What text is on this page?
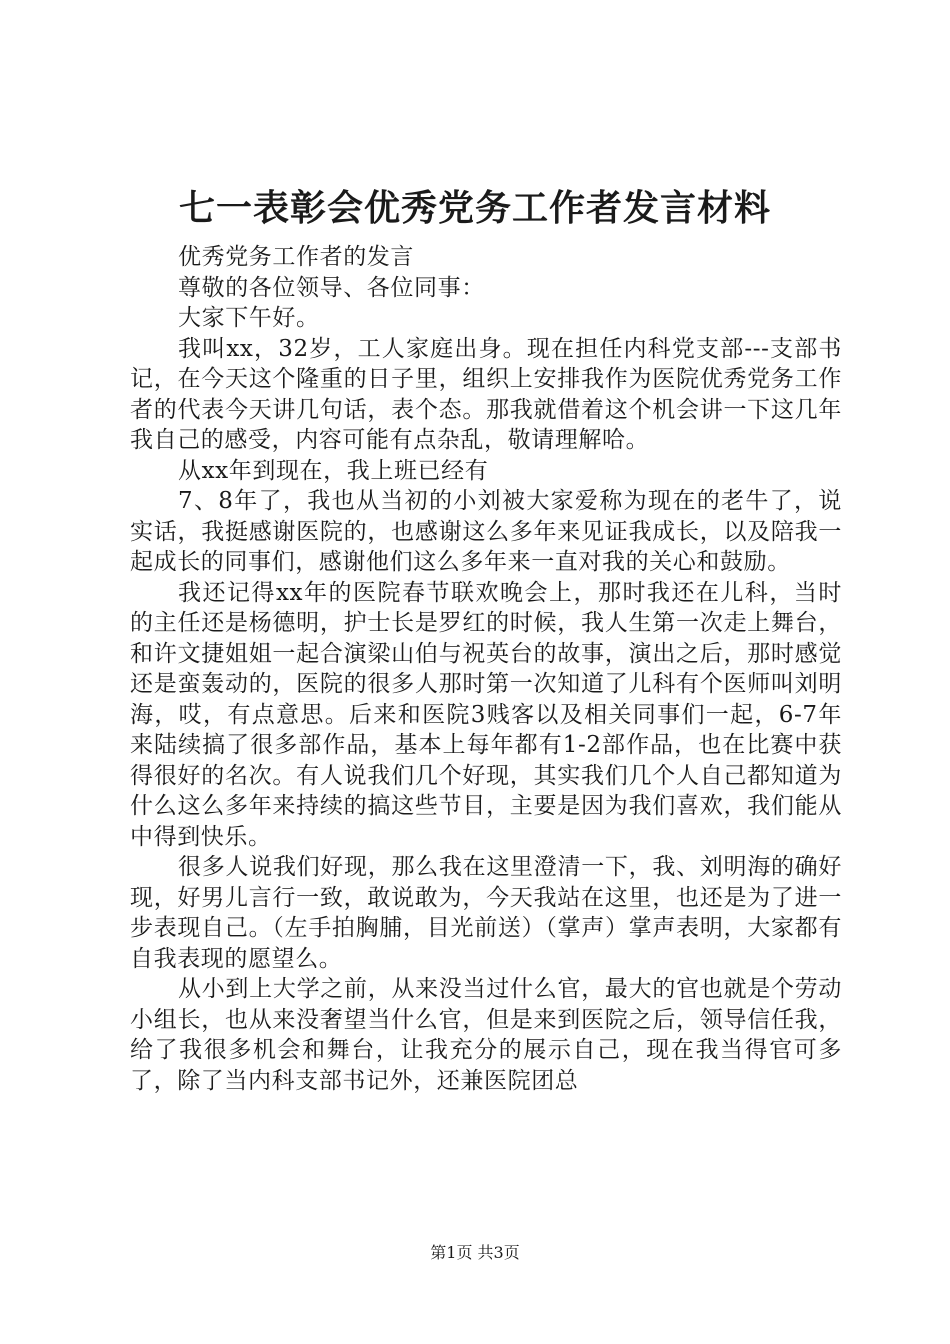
七一表彰会优秀党务工作者发言材料

优秀党务工作者的发言

尊敬的各位领导、各位同事：

大家下午好。

我叫xx，32岁，工人家庭出身。现在担任内科党支部---支部书记，在今天这个隆重的日子里，组织上安排我作为医院优秀党务工作者的代表今天讲几句话，表个态。那我就借着这个机会讲一下这几年我自己的感受，内容可能有点杂乱，敬请理解哈。

从xx年到现在，我上班已经有

7、8年了，我也从当初的小刘被大家爱称为现在的老牛了，说实话，我挺感谢医院的，也感谢这么多年来见证我成长，以及陪我一起成长的同事们，感谢他们这么多年来一直对我的关心和鼓励。

我还记得xx年的医院春节联欢晚会上，那时我还在儿科，当时的主任还是杨德明，护士长是罗红的时候，我人生第一次走上舞台，和许文捷姐姐一起合演梁山伯与祝英台的故事，演出之后，那时感觉还是蛮轰动的，医院的很多人那时第一次知道了儿科有个医师叫刘明海，哎，有点意思。后来和医院3贱客以及相关同事们一起，6-7年来陆续搞了很多部作品，基本上每年都有1-2部作品，也在比赛中获得很好的名次。有人说我们几个好现，其实我们几个人自己都知道为什么这么多年来持续的搞这些节目，主要是因为我们喜欢，我们能从中得到快乐。

很多人说我们好现，那么我在这里澄清一下，我、刘明海的确好现，好男儿言行一致，敢说敢为，今天我站在这里，也还是为了进一步表现自己。（左手拍胸脯，目光前送）（掌声）掌声表明，大家都有自我表现的愿望么。

从小到上大学之前，从来没当过什么官，最大的官也就是个劳动小组长，也从来没奢望当什么官，但是来到医院之后，领导信任我，给了我很多机会和舞台，让我充分的展示自己，现在我当得官可多了，除了当内科支部书记外，还兼医院团总

第1页 共3页
